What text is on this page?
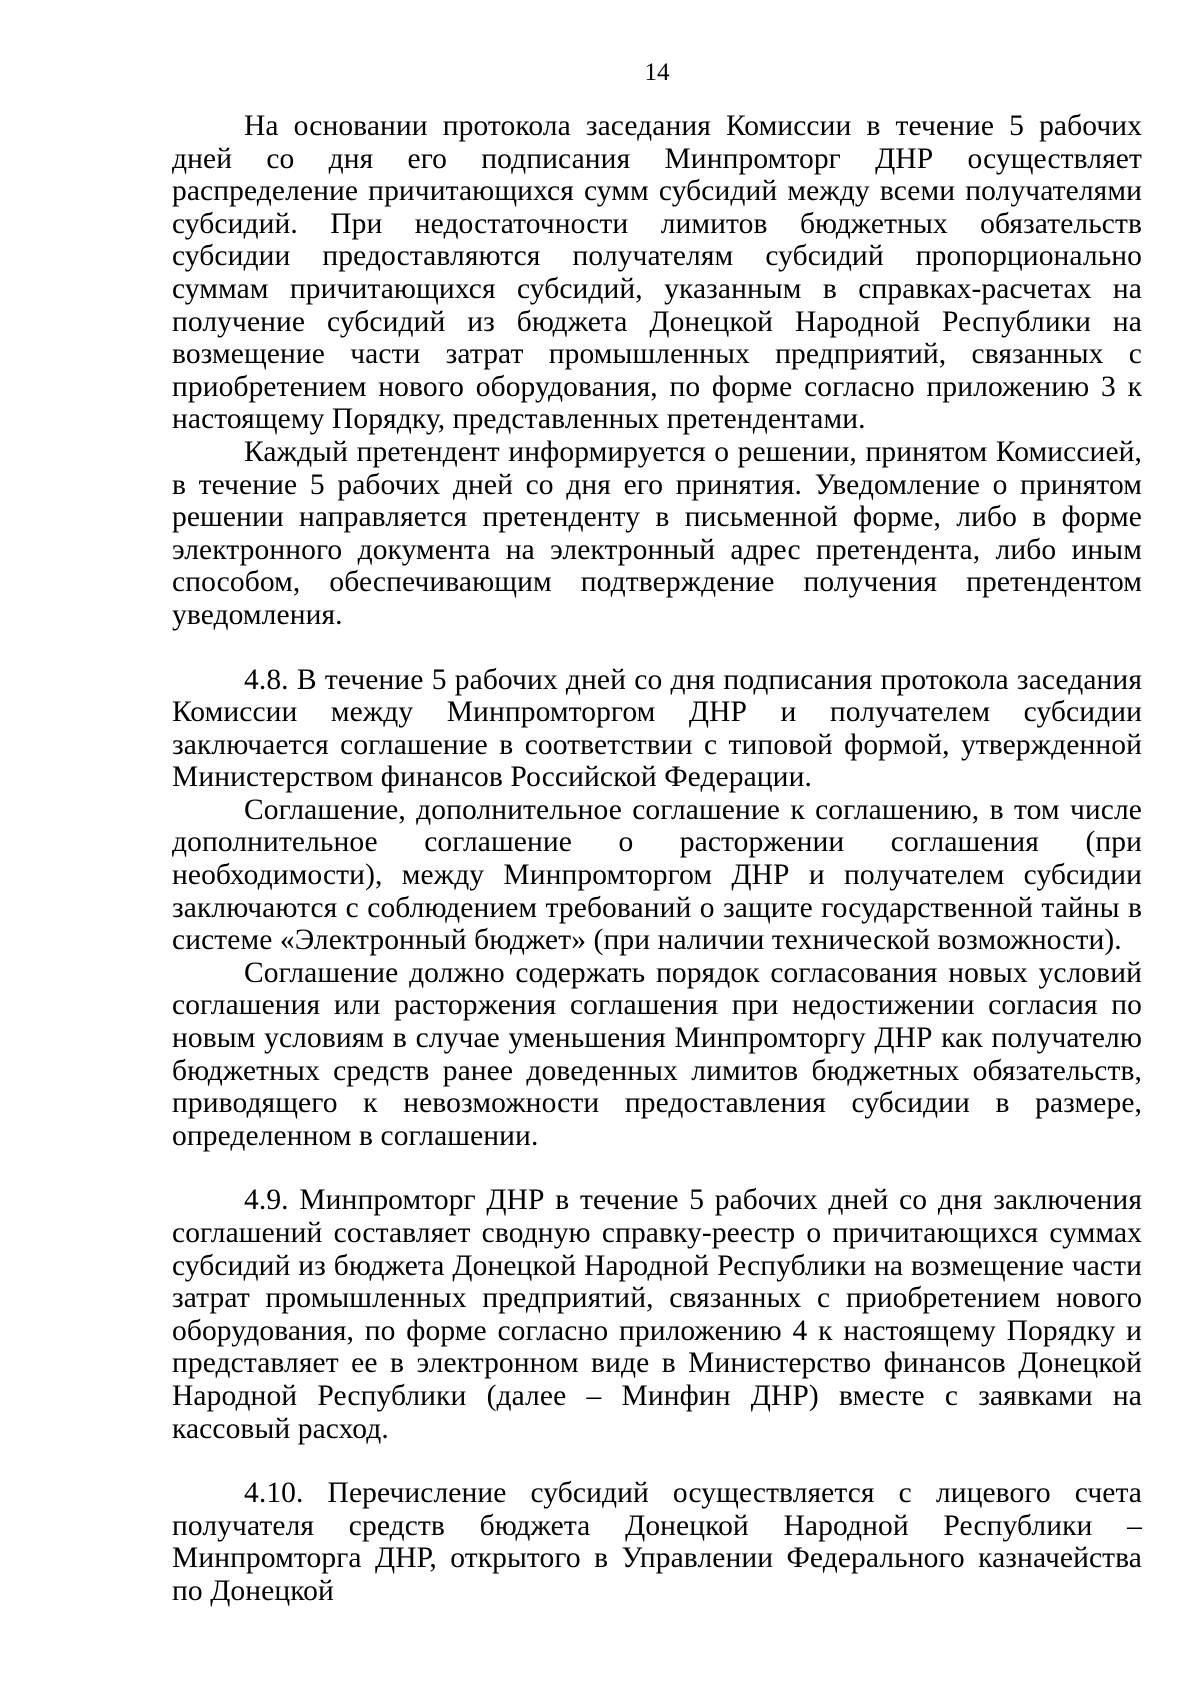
14

На основании протокола заседания Комиссии в течение 5 рабочих дней со дня его подписания Минпромторг ДНР осуществляет распределение причитающихся сумм субсидий между всеми получателями субсидий. При недостаточности лимитов бюджетных обязательств субсидии предоставляются получателям субсидий пропорционально суммам причитающихся субсидий, указанным в справках-расчетах на получение субсидий из бюджета Донецкой Народной Республики на возмещение части затрат промышленных предприятий, связанных с приобретением нового оборудования, по форме согласно приложению 3 к настоящему Порядку, представленных претендентами.

Каждый претендент информируется о решении, принятом Комиссией, в течение 5 рабочих дней со дня его принятия. Уведомление о принятом решении направляется претенденту в письменной форме, либо в форме электронного документа на электронный адрес претендента, либо иным способом, обеспечивающим подтверждение получения претендентом уведомления.

4.8. В течение 5 рабочих дней со дня подписания протокола заседания Комиссии между Минпромторгом ДНР и получателем субсидии заключается соглашение в соответствии с типовой формой, утвержденной Министерством финансов Российской Федерации.

Соглашение, дополнительное соглашение к соглашению, в том числе дополнительное соглашение о расторжении соглашения (при необходимости), между Минпромторгом ДНР и получателем субсидии заключаются с соблюдением требований о защите государственной тайны в системе «Электронный бюджет» (при наличии технической возможности).

Соглашение должно содержать порядок согласования новых условий соглашения или расторжения соглашения при недостижении согласия по новым условиям в случае уменьшения Минпромторгу ДНР как получателю бюджетных средств ранее доведенных лимитов бюджетных обязательств, приводящего к невозможности предоставления субсидии в размере, определенном в соглашении.

4.9. Минпромторг ДНР в течение 5 рабочих дней со дня заключения соглашений составляет сводную справку-реестр о причитающихся суммах субсидий из бюджета Донецкой Народной Республики на возмещение части затрат промышленных предприятий, связанных с приобретением нового оборудования, по форме согласно приложению 4 к настоящему Порядку и представляет ее в электронном виде в Министерство финансов Донецкой Народной Республики (далее – Минфин ДНР) вместе с заявками на кассовый расход.

4.10. Перечисление субсидий осуществляется с лицевого счета получателя средств бюджета Донецкой Народной Республики – Минпромторга ДНР, открытого в Управлении Федерального казначейства по Донецкой
